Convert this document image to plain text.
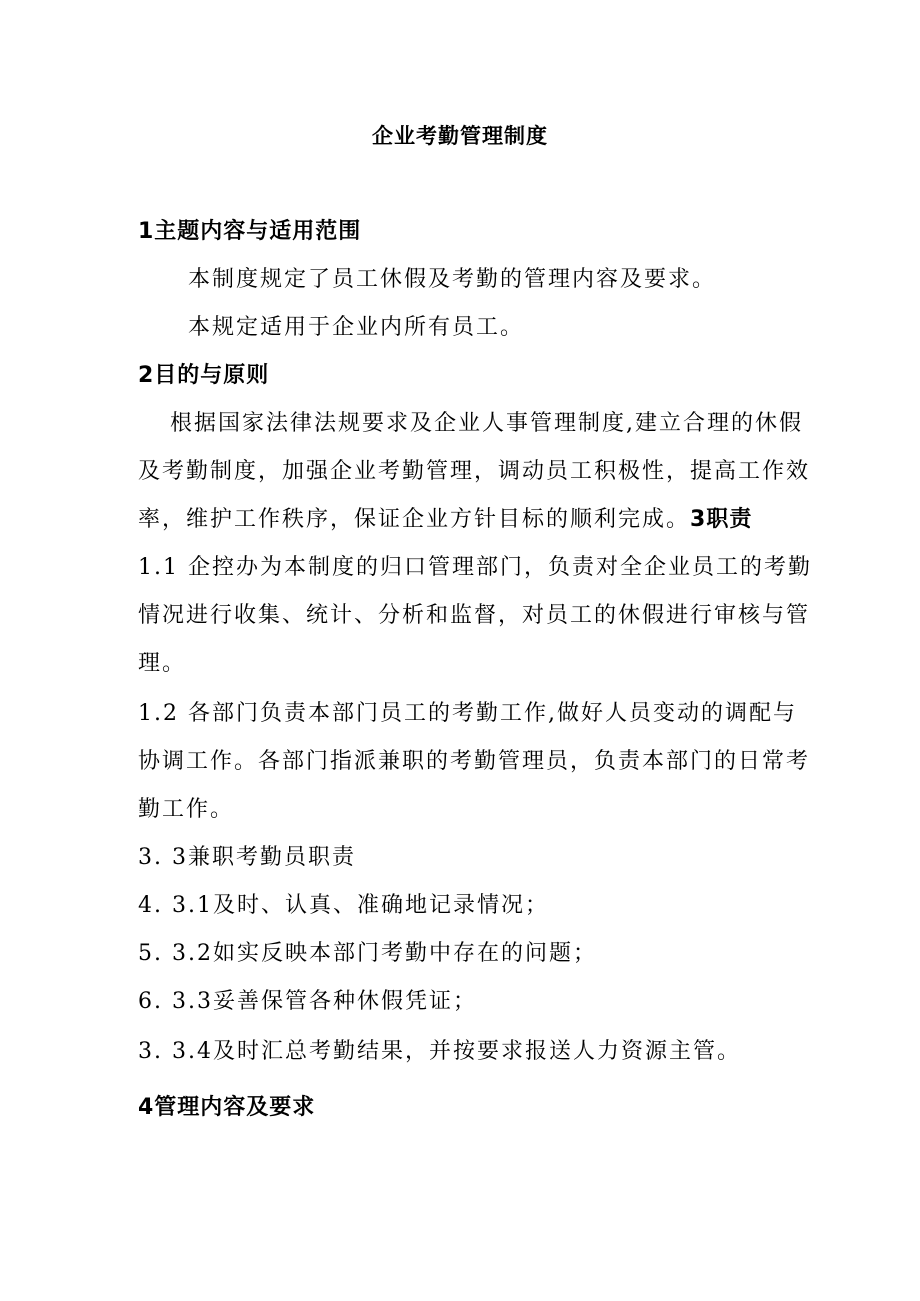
企业考勤管理制度
1主题内容与适用范围
本制度规定了员工休假及考勤的管理内容及要求。
本规定适用于企业内所有员工。
2目的与原则
根据国家法律法规要求及企业人事管理制度,建立合理的休假
及考勤制度，加强企业考勤管理，调动员工积极性，提高工作效
率，维护工作秩序，保证企业方针目标的顺利完成。3职责
1.1 企控办为本制度的归口管理部门，负责对全企业员工的考勤
情况进行收集、统计、分析和监督，对员工的休假进行审核与管
理。
1.2 各部门负责本部门员工的考勤工作,做好人员变动的调配与
协调工作。各部门指派兼职的考勤管理员，负责本部门的日常考
勤工作。
3. 3兼职考勤员职责
4. 3.1及时、认真、准确地记录情况；
5. 3.2如实反映本部门考勤中存在的问题；
6. 3.3妥善保管各种休假凭证；
3. 3.4及时汇总考勤结果，并按要求报送人力资源主管。
4管理内容及要求
